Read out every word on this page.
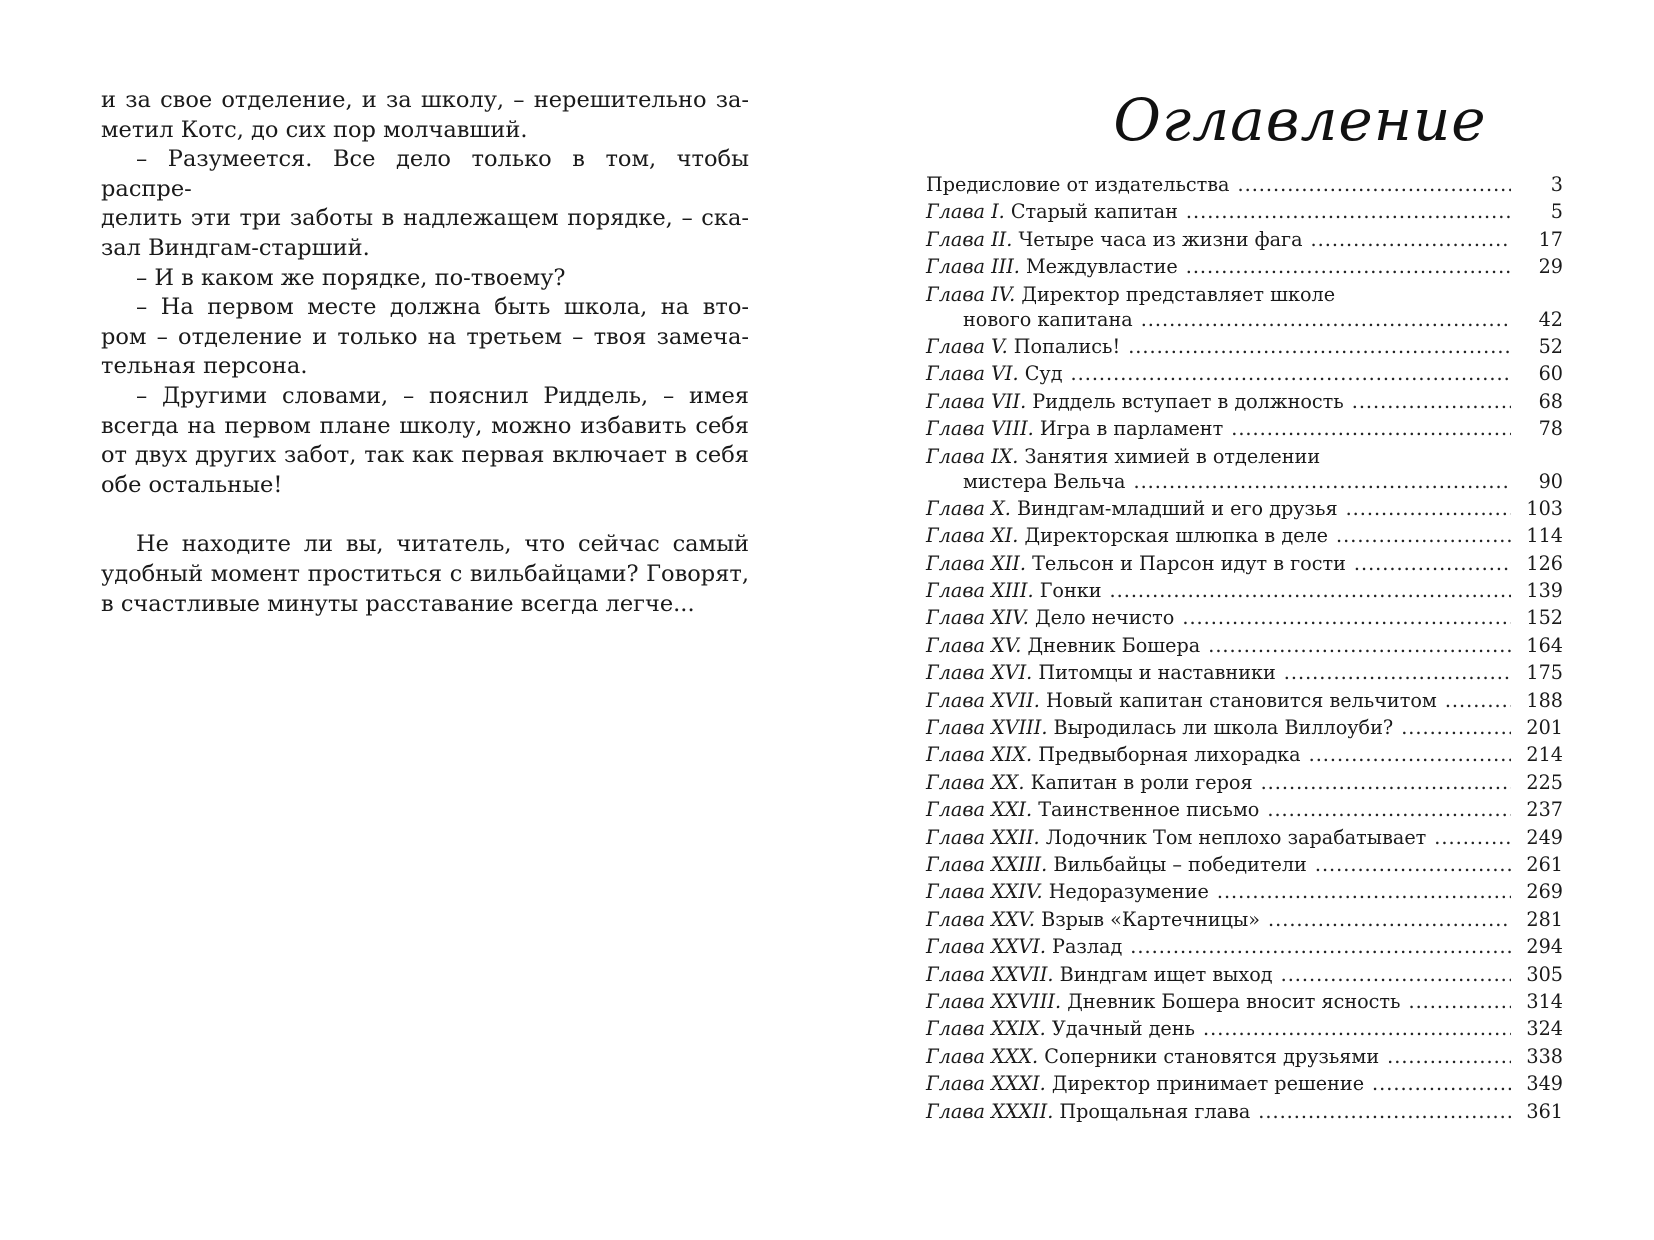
и за свое отделение, и за школу, – нерешительно за-

метил Котс, до сих пор молчавший.

– Разумеется. Все дело только в том, чтобы распре-

делить эти три заботы в надлежащем порядке, – ска-

зал Виндгам-старший.

– И в каком же порядке, по-твоему?

– На первом месте должна быть школа, на вто-

ром – отделение и только на третьем – твоя замеча-

тельная персона.

– Другими словами, – пояснил Риддель, – имея

всегда на первом плане школу, можно избавить себя

от двух других забот, так как первая включает в себя

обе остальные!

Не находите ли вы, читатель, что сейчас самый

удобный момент проститься с вильбайцами? Говорят,

в счастливые минуты расставание всегда легче...

Оглавление
Предисловие от издательства .....	3
Глава I. Старый капитан .....	5
Глава II. Четыре часа из жизни фага .....	17
Глава III. Междувластие .....	29
Глава IV. Директор представляет школе
нового капитана .....	42
Глава V. Попались! .....	52
Глава VI. Суд .....	60
Глава VII. Риддель вступает в должность .....	68
Глава VIII. Игра в парламент .....	78
Глава IX. Занятия химией в отделении
мистера Вельча .....	90
Глава X. Виндгам-младший и его друзья .....	103
Глава XI. Директорская шлюпка в деле .....	114
Глава XII. Тельсон и Парсон идут в гости .....	126
Глава XIII. Гонки .....	139
Глава XIV. Дело нечисто .....	152
Глава XV. Дневник Бошера .....	164
Глава XVI. Питомцы и наставники .....	175
Глава XVII. Новый капитан становится вельчитом .....	188
Глава XVIII. Выродилась ли школа Виллоуби? .....	201
Глава XIX. Предвыборная лихорадка .....	214
Глава XX. Капитан в роли героя .....	225
Глава XXI. Таинственное письмо .....	237
Глава XXII. Лодочник Том неплохо зарабатывает .....	249
Глава XXIII. Вильбайцы – победители .....	261
Глава XXIV. Недоразумение .....	269
Глава XXV. Взрыв «Картечницы» .....	281
Глава XXVI. Разлад .....	294
Глава XXVII. Виндгам ищет выход .....	305
Глава XXVIII. Дневник Бошера вносит ясность .....	314
Глава XXIX. Удачный день .....	324
Глава XXX. Соперники становятся друзьями .....	338
Глава XXXI. Директор принимает решение .....	349
Глава XXXII. Прощальная глава .....	361
